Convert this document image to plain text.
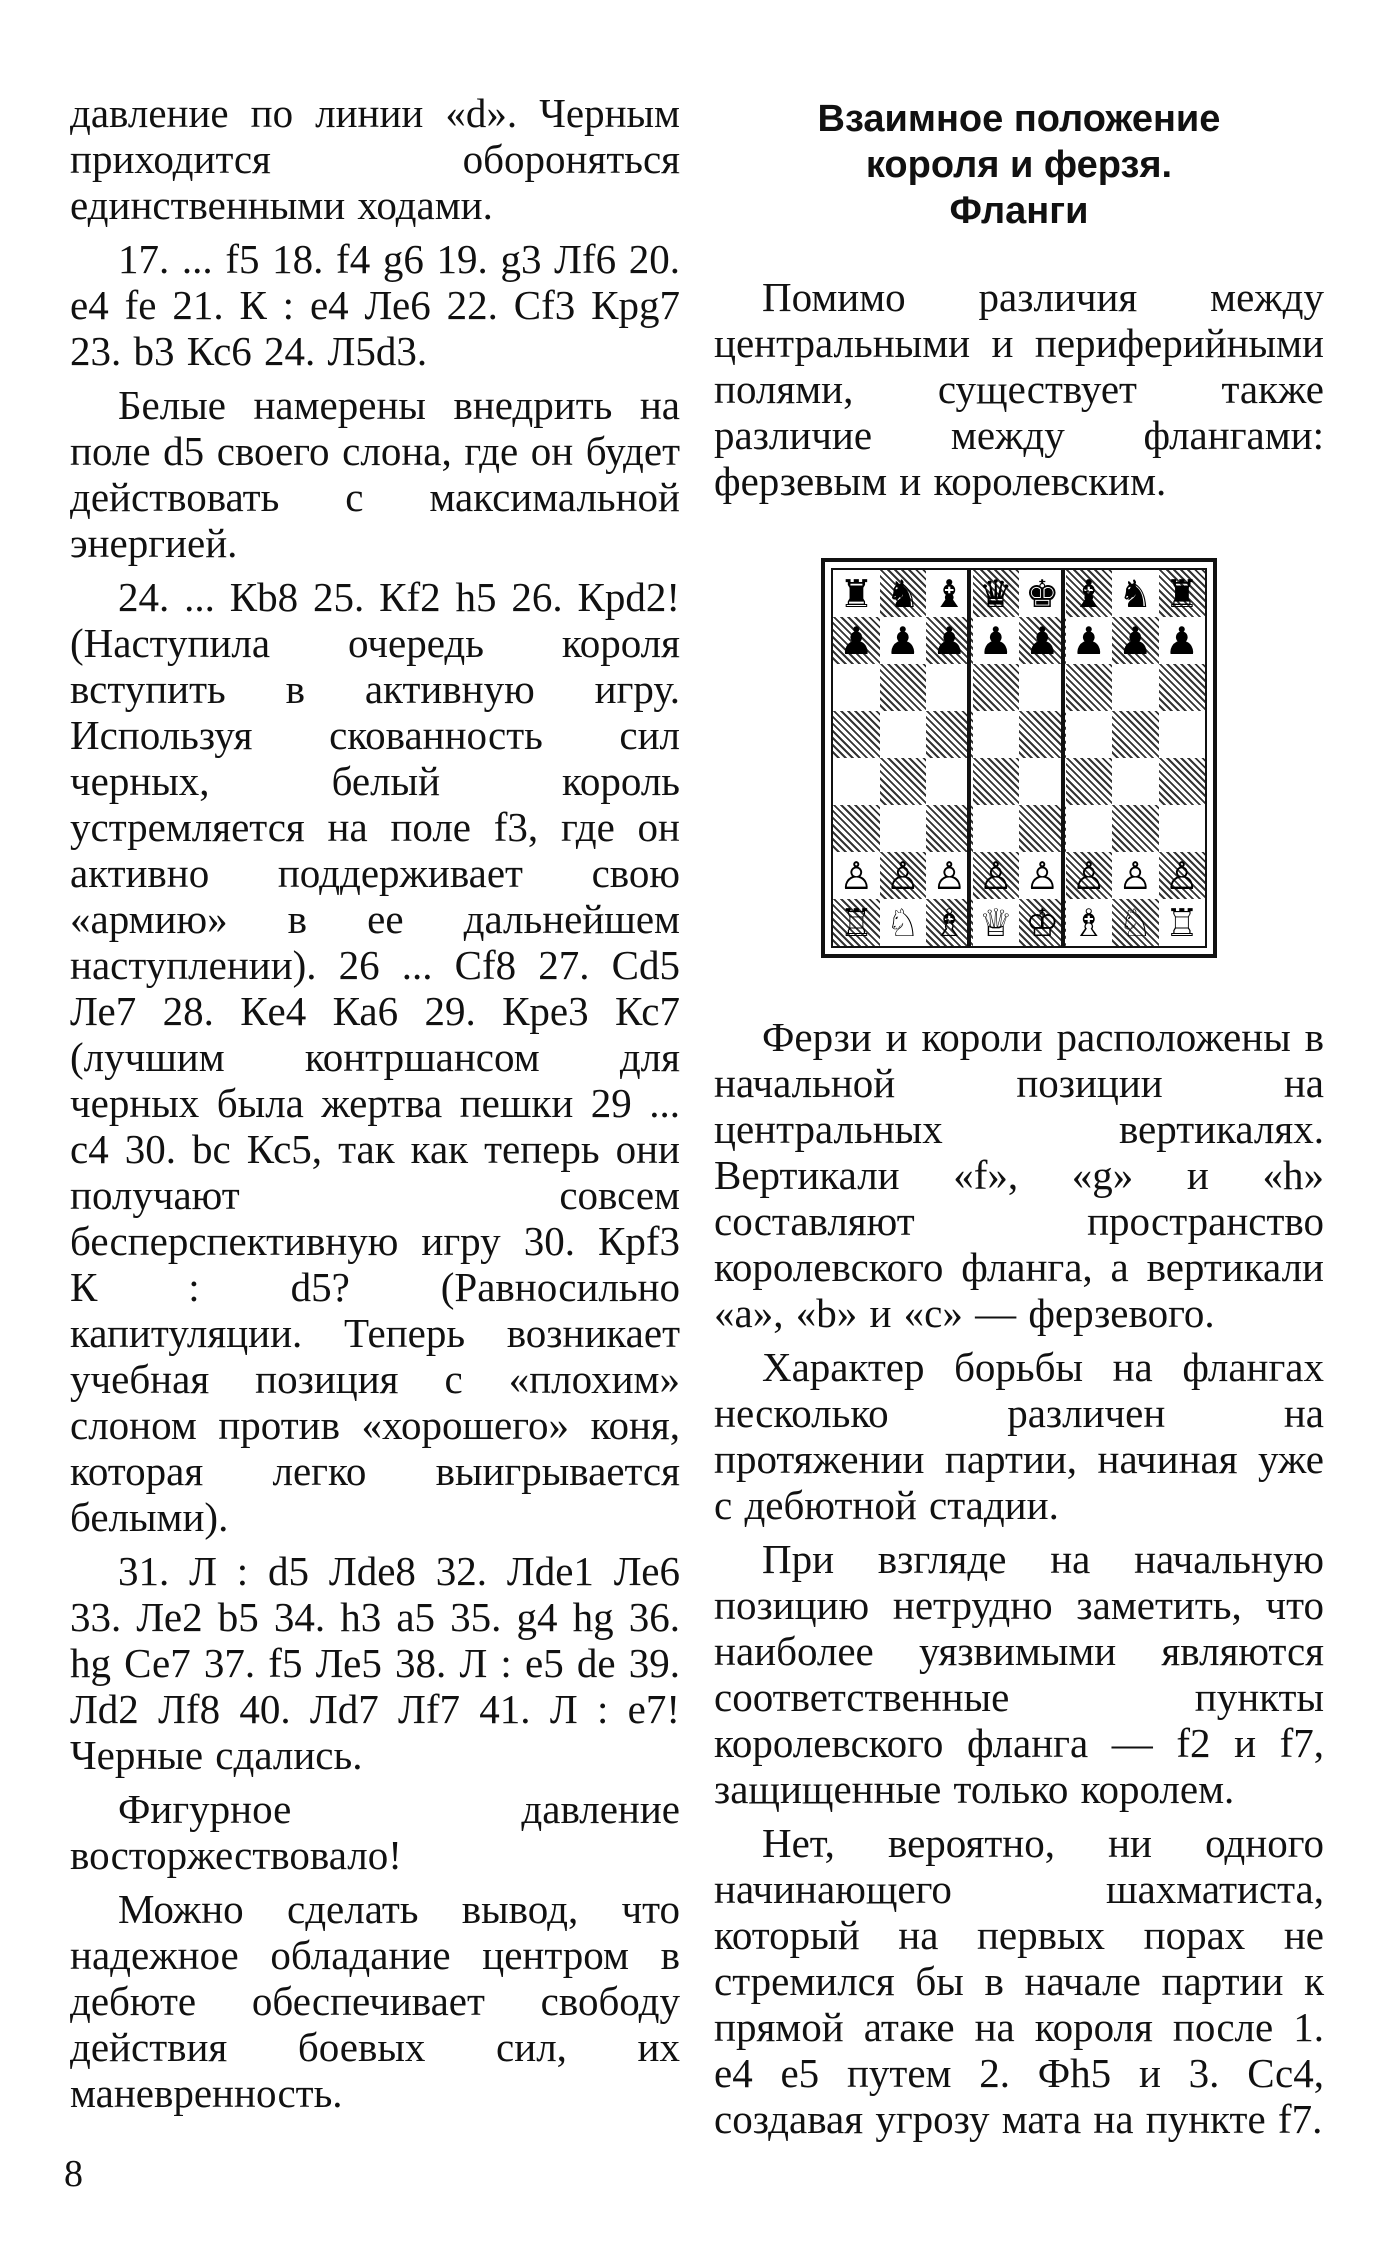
давление по линии «d». Черным приходится обороняться единственными ходами.

17. ... f5 18. f4 g6 19. g3 Лf6 20. e4 fe 21. К : e4 Ле6 22. Сf3 Крg7 23. b3 Кс6 24. Л5d3.

Белые намерены внедрить на поле d5 своего слона, где он будет действовать с максимальной энергией.

24. ... Кb8 25. Кf2 h5 26. Крd2! (Наступила очередь короля вступить в активную игру. Используя скованность сил черных, белый король устремляется на поле f3, где он активно поддерживает свою «армию» в ее дальнейшем наступлении). 26 ... Сf8 27. Сd5 Ле7 28. Кe4 Ка6 29. Крe3 Кс7 (лучшим контршансом для черных была жертва пешки 29 ... с4 30. bc Кс5, так как теперь они получают совсем бесперспективную игру 30. Крf3 К : d5? (Равносильно капитуляции. Теперь возникает учебная позиция с «плохим» слоном против «хорошего» коня, которая легко выигрывается белыми).

31. Л : d5 Лde8 32. Лde1 Ле6 33. Ле2 b5 34. h3 a5 35. g4 hg 36. hg Се7 37. f5 Ле5 38. Л : e5 de 39. Лd2 Лf8 40. Лd7 Лf7 41. Л : e7! Черные сдались.

Фигурное давление восторжествовало!

Можно сделать вывод, что надежное обладание центром в дебюте обеспечивает свободу действия боевых сил, их маневренность.

Взаимное положение
короля и ферзя.
Фланги

Помимо различия между центральными и периферийными полями, существует также различие между флангами: ферзевым и королевским.

♜ ♞ ♝ ♛ ♚ ♝ ♞ ♜
♟ ♟ ♟ ♟ ♟ ♟ ♟ ♟
♙ ♙ ♙ ♙ ♙ ♙ ♙ ♙
♖ ♘ ♗ ♕ ♔ ♗ ♘ ♖

Ферзи и короли расположены в начальной позиции на центральных вертикалях. Вертикали «f», «g» и «h» составляют пространство королевского фланга, а вертикали «а», «b» и «с» — ферзевого.

Характер борьбы на флангах несколько различен на протяжении партии, начиная уже с дебютной стадии.

При взгляде на начальную позицию нетрудно заметить, что наиболее уязвимыми являются соответственные пункты королевского фланга — f2 и f7, защищенные только королем.

Нет, вероятно, ни одного начинающего шахматиста, который на первых порах не стремился бы в начале партии к прямой атаке на короля после 1. e4 e5 путем 2. Фh5 и 3. Сс4, создавая угрозу мата на пункте f7.

8
